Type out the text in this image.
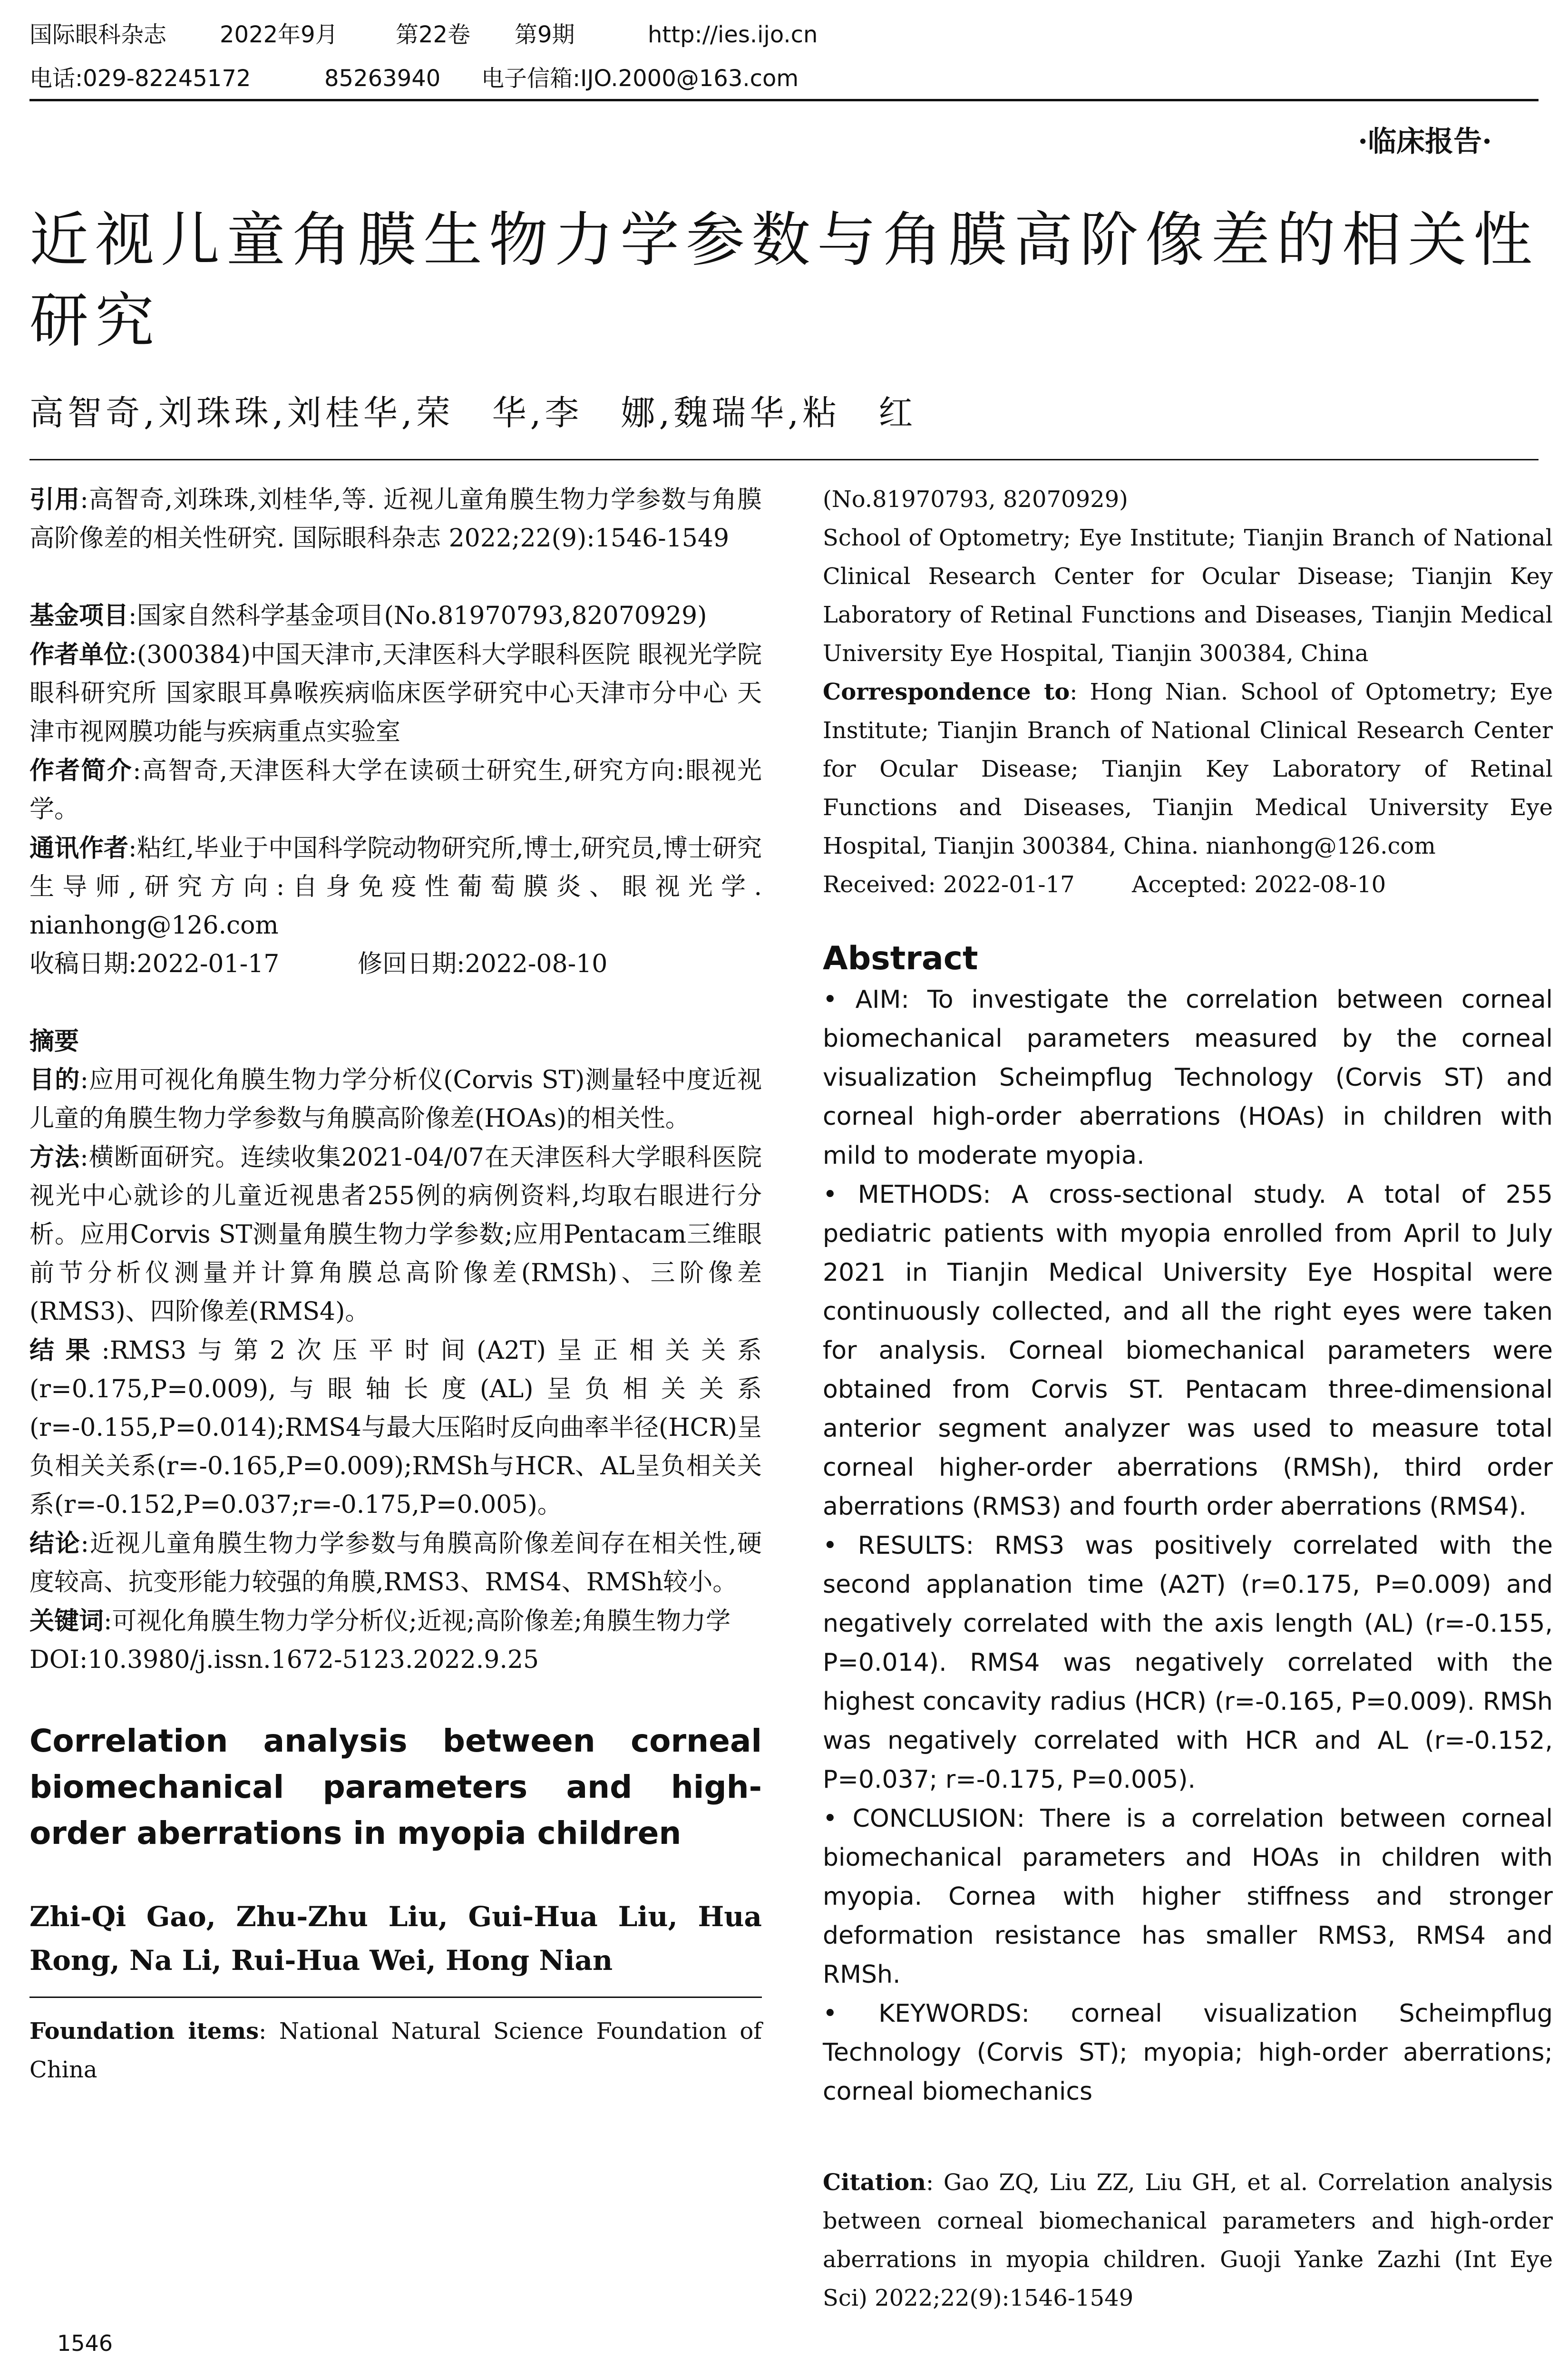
国际眼科杂志 2022年9月	第22卷 第9期	http://ies.ijo.cn
电话:029-82245172	85263940 电子信箱:IJO.2000@163.com
·临床报告·
近视儿童角膜生物力学参数与角膜高阶像差的相关性研究
高智奇,刘珠珠,刘桂华,荣　华,李　娜,魏瑞华,粘　红

引用:高智奇,刘珠珠,刘桂华,等. 近视儿童角膜生物力学参数与角膜高阶像差的相关性研究. 国际眼科杂志 2022;22(9):1546-1549

基金项目:国家自然科学基金项目(No.81970793,82070929)

作者单位:(300384)中国天津市,天津医科大学眼科医院 眼视光学院 眼科研究所 国家眼耳鼻喉疾病临床医学研究中心天津市分中心 天津市视网膜功能与疾病重点实验室

作者简介:高智奇,天津医科大学在读硕士研究生,研究方向:眼视光学。

通讯作者:粘红,毕业于中国科学院动物研究所,博士,研究员,博士研究生导师,研究方向:自身免疫性葡萄膜炎、眼视光学. nianhong@126.com

收稿日期:2022-01-17	修回日期:2022-08-10

摘要

目的:应用可视化角膜生物力学分析仪(Corvis ST)测量轻中度近视儿童的角膜生物力学参数与角膜高阶像差(HOAs)的相关性。

方法:横断面研究。连续收集2021-04/07在天津医科大学眼科医院视光中心就诊的儿童近视患者255例的病例资料,均取右眼进行分析。应用Corvis ST测量角膜生物力学参数;应用Pentacam三维眼前节分析仪测量并计算角膜总高阶像差(RMSh)、三阶像差(RMS3)、四阶像差(RMS4)。

结果:RMS3与第2次压平时间(A2T)呈正相关关系(r=0.175,P=0.009),与眼轴长度(AL)呈负相关关系(r=-0.155,P=0.014);RMS4与最大压陷时反向曲率半径(HCR)呈负相关关系(r=-0.165,P=0.009);RMSh与HCR、AL呈负相关关系(r=-0.152,P=0.037;r=-0.175,P=0.005)。

结论:近视儿童角膜生物力学参数与角膜高阶像差间存在相关性,硬度较高、抗变形能力较强的角膜,RMS3、RMS4、RMSh较小。

关键词:可视化角膜生物力学分析仪;近视;高阶像差;角膜生物力学

DOI:10.3980/j.issn.1672-5123.2022.9.25

Correlation analysis between corneal biomechanical parameters and high-order aberrations in myopia children

Zhi-Qi Gao, Zhu-Zhu Liu, Gui-Hua Liu, Hua Rong, Na Li, Rui-Hua Wei, Hong Nian

Foundation items: National Natural Science Foundation of China

(No.81970793, 82070929)

School of Optometry; Eye Institute; Tianjin Branch of National Clinical Research Center for Ocular Disease; Tianjin Key Laboratory of Retinal Functions and Diseases, Tianjin Medical University Eye Hospital, Tianjin 300384, China

Correspondence to: Hong Nian. School of Optometry; Eye Institute; Tianjin Branch of National Clinical Research Center for Ocular Disease; Tianjin Key Laboratory of Retinal Functions and Diseases, Tianjin Medical University Eye Hospital, Tianjin 300384, China. nianhong@126.com

Received: 2022-01-17	Accepted: 2022-08-10

Abstract

• AIM: To investigate the correlation between corneal biomechanical parameters measured by the corneal visualization Scheimpflug Technology (Corvis ST) and corneal high-order aberrations (HOAs) in children with mild to moderate myopia.

• METHODS: A cross-sectional study. A total of 255 pediatric patients with myopia enrolled from April to July 2021 in Tianjin Medical University Eye Hospital were continuously collected, and all the right eyes were taken for analysis. Corneal biomechanical parameters were obtained from Corvis ST. Pentacam three-dimensional anterior segment analyzer was used to measure total corneal higher-order aberrations (RMSh), third order aberrations (RMS3) and fourth order aberrations (RMS4).

• RESULTS: RMS3 was positively correlated with the second applanation time (A2T) (r=0.175, P=0.009) and negatively correlated with the axis length (AL) (r=-0.155, P=0.014). RMS4 was negatively correlated with the highest concavity radius (HCR) (r=-0.165, P=0.009). RMSh was negatively correlated with HCR and AL (r=-0.152, P=0.037; r=-0.175, P=0.005).

• CONCLUSION: There is a correlation between corneal biomechanical parameters and HOAs in children with myopia. Cornea with higher stiffness and stronger deformation resistance has smaller RMS3, RMS4 and RMSh.

• KEYWORDS: corneal visualization Scheimpflug Technology (Corvis ST); myopia; high-order aberrations; corneal biomechanics

Citation: Gao ZQ, Liu ZZ, Liu GH, et al. Correlation analysis between corneal biomechanical parameters and high-order aberrations in myopia children. Guoji Yanke Zazhi (Int Eye Sci) 2022;22(9):1546-1549

1546
